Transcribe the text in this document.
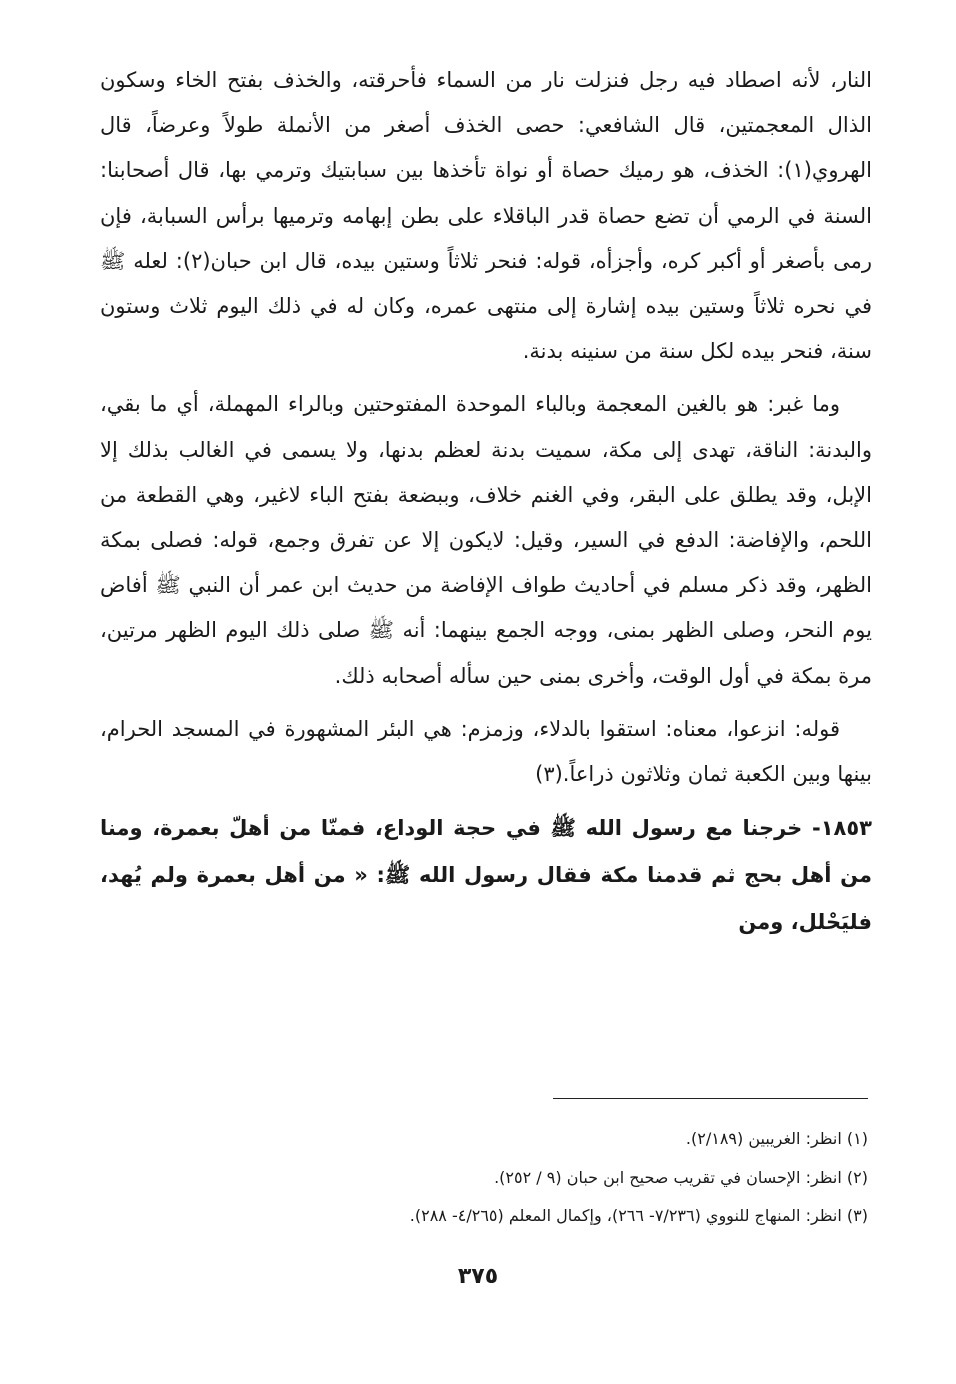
النار، لأنه اصطاد فيه رجل فنزلت نار من السماء فأحرقته، والخذف بفتح الخاء وسكون الذال المعجمتين، قال الشافعي: حصى الخذف أصغر من الأنملة طولاً وعرضاً، قال الهروي(١): الخذف، هو رميك حصاة أو نواة تأخذها بين سبابتيك وترمي بها، قال أصحابنا: السنة في الرمي أن تضع حصاة قدر الباقلاء على بطن إبهامه وترميها برأس السبابة، فإن رمى بأصغر أو أكبر كره، وأجزأه، قوله: فنحر ثلاثاً وستين بيده، قال ابن حبان(٢): لعله ﷺ في نحره ثلاثاً وستين بيده إشارة إلى منتهى عمره، وكان له في ذلك اليوم ثلاث وستون سنة، فنحر بيده لكل سنة من سنينه بدنة.

وما غبر: هو بالغين المعجمة وبالباء الموحدة المفتوحتين وبالراء المهملة، أي ما بقي، والبدنة: الناقة، تهدى إلى مكة، سميت بدنة لعظم بدنها، ولا يسمى في الغالب بذلك إلا الإبل، وقد يطلق على البقر، وفي الغنم خلاف، وببضعة بفتح الباء لاغير، وهي القطعة من اللحم، والإفاضة: الدفع في السير، وقيل: لايكون إلا عن تفرق وجمع، قوله: فصلى بمكة الظهر، وقد ذكر مسلم في أحاديث طواف الإفاضة من حديث ابن عمر أن النبي ﷺ أفاض يوم النحر، وصلى الظهر بمنى، ووجه الجمع بينهما: أنه ﷺ صلى ذلك اليوم الظهر مرتين، مرة بمكة في أول الوقت، وأخرى بمنى حين سأله أصحابه ذلك.

قوله: انزعوا، معناه: استقوا بالدلاء، وزمزم: هي البئر المشهورة في المسجد الحرام، بينها وبين الكعبة ثمان وثلاثون ذراعاً.(٣)

١٨٥٣- خرجنا مع رسول الله ﷺ في حجة الوداع، فمنّا من أهلّ بعمرة، ومنا من أهل بحج ثم قدمنا مكة فقال رسول الله ﷺ: « من أهل بعمرة ولم يُهد، فليَحْلل، ومن

(١) انظر: الغريبين (٢/١٨٩).
(٢) انظر: الإحسان في تقريب صحيح ابن حبان (٩ / ٢٥٢).
(٣) انظر: المنهاج للنووي (٧/٢٣٦- ٢٦٦)، وإكمال المعلم (٤/٢٦٥- ٢٨٨).
٣٧٥
